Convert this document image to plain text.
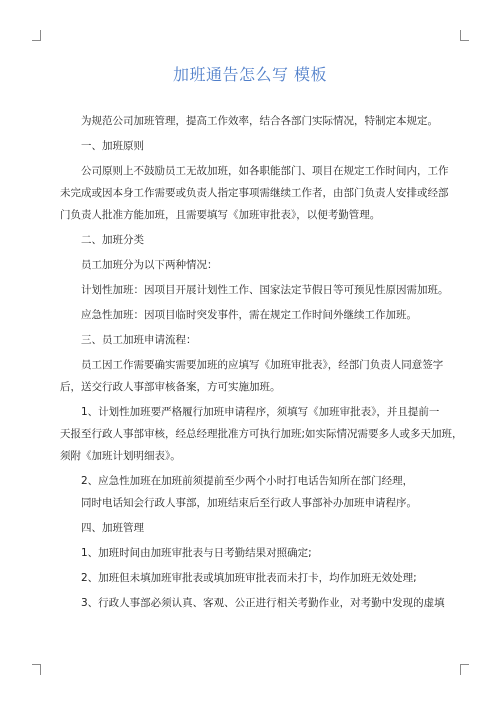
加班通告怎么写 模板

为规范公司加班管理，提高工作效率，结合各部门实际情况，特制定本规定。

一、加班原则

公司原则上不鼓励员工无故加班，如各职能部门、项目在规定工作时间内，工作

未完成或因本身工作需要或负责人指定事项需继续工作者，由部门负责人安排或经部

门负责人批准方能加班，且需要填写《加班审批表》，以便考勤管理。

二、加班分类

员工加班分为以下两种情况：

计划性加班：因项目开展计划性工作、国家法定节假日等可预见性原因需加班。

应急性加班：因项目临时突发事件，需在规定工作时间外继续工作加班。

三、员工加班申请流程：

员工因工作需要确实需要加班的应填写《加班审批表》，经部门负责人同意签字

后，送交行政人事部审核备案，方可实施加班。

1、计划性加班要严格履行加班申请程序，须填写《加班审批表》，并且提前一

天报至行政人事部审核，经总经理批准方可执行加班;如实际情况需要多人或多天加班，

须附《加班计划明细表》。

2、应急性加班在加班前须提前至少两个小时打电话告知所在部门经理，

同时电话知会行政人事部，加班结束后至行政人事部补办加班申请程序。

四、加班管理

1、加班时间由加班审批表与日考勤结果对照确定;

2、加班但未填加班审批表或填加班审批表而未打卡，均作加班无效处理;

3、行政人事部必须认真、客观、公正进行相关考勤作业，对考勤中发现的虚填
